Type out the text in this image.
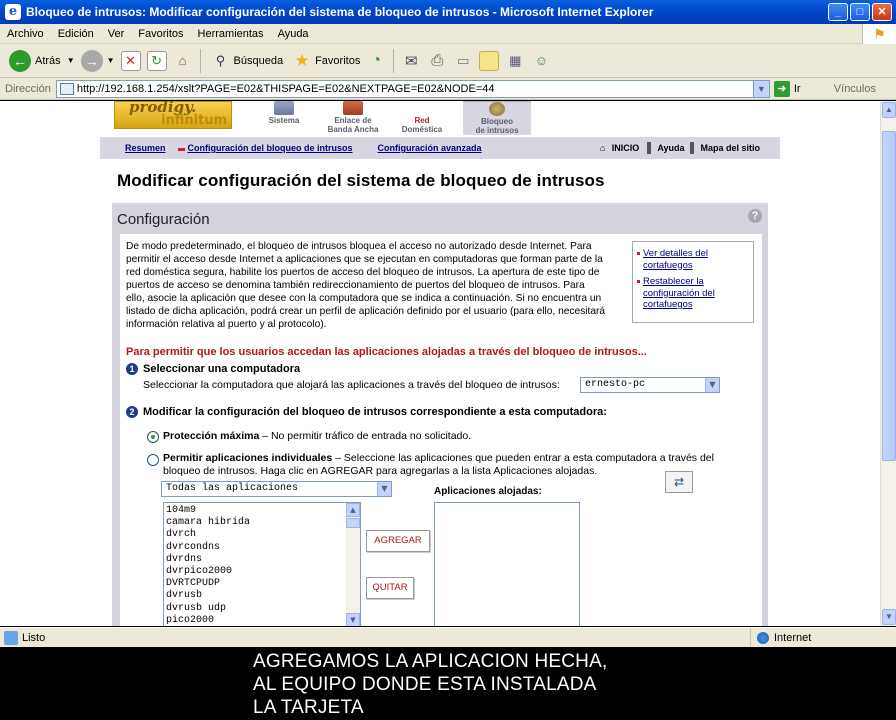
e Bloqueo de intrusos: Modificar configuración del sistema de bloqueo de intrusos - Microsoft Internet Explorer	_	□	✕
Archivo	Edición	Ver	Favoritos	Herramientas	Ayuda	⚑
← Atrás ▼ →	▼ ✕	↻	⌂	⚲ Búsqueda ★ Favoritos ◔	✉ ⎙	▭	▦ ☺
Dirección http://192.168.1.254/xslt?PAGE=E02&THISPAGE=E02&NEXTPAGE=E02&NODE=44	▼	➜ Ir	Vínculos
prodigy.
infinitum	Sistema	Enlace de
Banda Ancha
Red
Doméstica
Bloqueo
de intrusos
Resumen Configuración del bloqueo de intrusos	Configuración avanzada	⌂ INICIO	Ayuda Mapa del sitio
Modificar configuración del sistema de bloqueo de intrusos
Configuración	?
De modo predeterminado, el bloqueo de intrusos bloquea el acceso no autorizado desde Internet. Para permitir el acceso desde Internet a aplicaciones que se ejecutan en computadoras que forman parte de la red doméstica segura, habilite los puertos de acceso del bloqueo de intrusos. La apertura de este tipo de puertos de acceso se denomina también redireccionamiento de puertos del bloqueo de intrusos. Para ello, asocie la aplicación que desee con la computadora que se indica a continuación. Si no encuentra un listado de dicha aplicación, podrá crear un perfil de aplicación definido por el usuario (para ello, necesitará información relativa al puerto y al protocolo).
Ver detalles del cortafuegos
Restablecer la configuración del cortafuegos
Para permitir que los usuarios accedan las aplicaciones alojadas a través del bloqueo de intrusos...
1 Seleccionar una computadora
Seleccionar la computadora que alojará las aplicaciones a través del bloqueo de intrusos:	ernesto-pc	▼
2 Modificar la configuración del bloqueo de intrusos correspondiente a esta computadora:
Protección máxima – No permitir tráfico de entrada no solicitado.
Permitir aplicaciones individuales – Seleccione las aplicaciones que pueden entrar a esta computadora a través del bloqueo de intrusos. Haga clic en AGREGAR para agregarlas a la lista Aplicaciones alojadas.
Todas las aplicaciones	▼	Aplicaciones alojadas:
⇄
104m9
camara hibrida
dvrch
dvrcondns
dvrdns
dvrpico2000
DVRTCPUDP
dvrusb
dvrusb udp
pico2000
▲
▼
AGREGAR
QUITAR
▲
▼
Listo	Internet
AGREGAMOS LA APLICACION HECHA,
AL EQUIPO DONDE ESTA INSTALADA
LA TARJETA
